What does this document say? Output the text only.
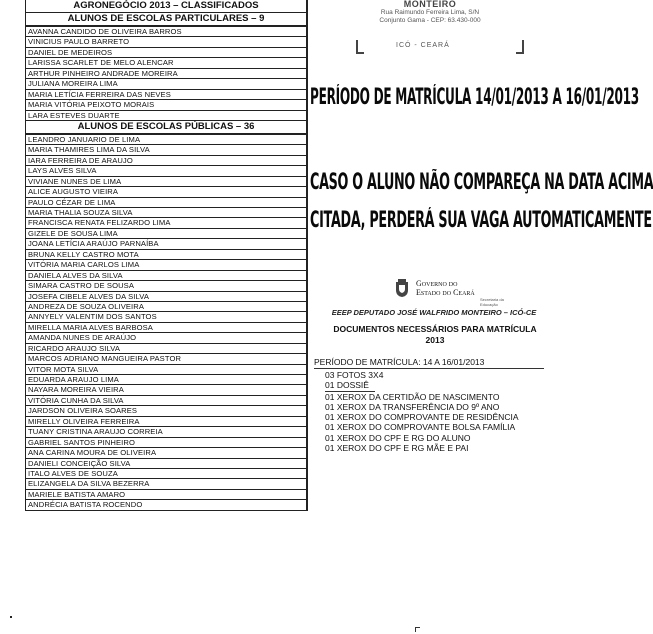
AGRONEGÓCIO 2013 – CLASSIFICADOS
ALUNOS DE ESCOLAS PARTICULARES – 9
AVANNA CANDIDO DE OLIVEIRA BARROS
VINICIUS PAULO BARRETO
DANIEL DE MEDEIROS
LARISSA SCARLET DE MELO ALENCAR
ARTHUR PINHEIRO ANDRADE MOREIRA
JULIANA MOREIRA LIMA
MARIA LETÍCIA FERREIRA DAS NEVES
MARIA VITÓRIA PEIXOTO MORAIS
LARA ESTEVES DUARTE
ALUNOS DE ESCOLAS PÚBLICAS – 36
LEANDRO JANUARIO DE LIMA
MARIA THAMIRES LIMA DA SILVA
IARA FERREIRA DE ARAUJO
LAYS ALVES SILVA
VIVIANE NUNES DE LIMA
ALICE AUGUSTO VIEIRA
PAULO CÉZAR DE LIMA
MARIA THALIA SOUZA SILVA
FRANCISCA RENATA FELIZARDO LIMA
GIZELE DE SOUSA LIMA
JOANA LETÍCIA ARAÚJO PARNAÍBA
BRUNA KELLY CASTRO MOTA
VITÓRIA MARIA CARLOS LIMA
DANIELA ALVES DA SILVA
SIMARA CASTRO DE SOUSA
JOSEFA CIBELE ALVES DA SILVA
ANDREZA DE SOUZA OLIVEIRA
ANNYELY VALENTIM DOS SANTOS
MIRELLA MARIA ALVES BARBOSA
AMANDA NUNES DE ARAÚJO
RICARDO ARAUJO SILVA
MARCOS ADRIANO MANGUEIRA PASTOR
VITOR MOTA SILVA
EDUARDA ARAUJO LIMA
NAYARA MOREIRA VIEIRA
VITÓRIA CUNHA DA SILVA
JARDSON OLIVEIRA SOARES
MIRELLY OLIVEIRA FERREIRA
TUANY CRISTINA ARAUJO CORREIA
GABRIEL SANTOS PINHEIRO
ANA CARINA MOURA DE OLIVEIRA
DANIELI CONCEIÇÃO SILVA
ITALO ALVES DE SOUZA
ELIZANGELA DA SILVA BEZERRA
MARIELE BATISTA AMARO
ANDRÉCIA BATISTA ROCENDO
MONTEIRO
Rua Raimundo Ferreira Lima, S/N
Conjunto Gama - CEP: 63.430-000
ICÓ - CEARÁ
PERÍODO DE MATRÍCULA 14/01/2013 A 16/01/2013
CASO O ALUNO NÃO COMPAREÇA NA DATA ACIMA
CITADA, PERDERÁ SUA VAGA AUTOMATICAMENTE
Governo do
Estado do Ceará
Secretaria da Educação
EEEP DEPUTADO JOSÉ WALFRIDO MONTEIRO – ICÓ-CE
DOCUMENTOS NECESSÁRIOS PARA MATRÍCULA
2013
PERÍODO DE MATRÍCULA: 14 A 16/01/2013
03 FOTOS 3X4
01 DOSSIÊ
01 XEROX DA CERTIDÃO DE NASCIMENTO
01 XEROX DA TRANSFERÊNCIA DO 9º ANO
01 XEROX DO COMPROVANTE DE RESIDÊNCIA
01 XEROX DO COMPROVANTE BOLSA FAMÍLIA
01 XEROX DO CPF E RG DO ALUNO
01 XEROX DO CPF E RG MÃE E PAI
